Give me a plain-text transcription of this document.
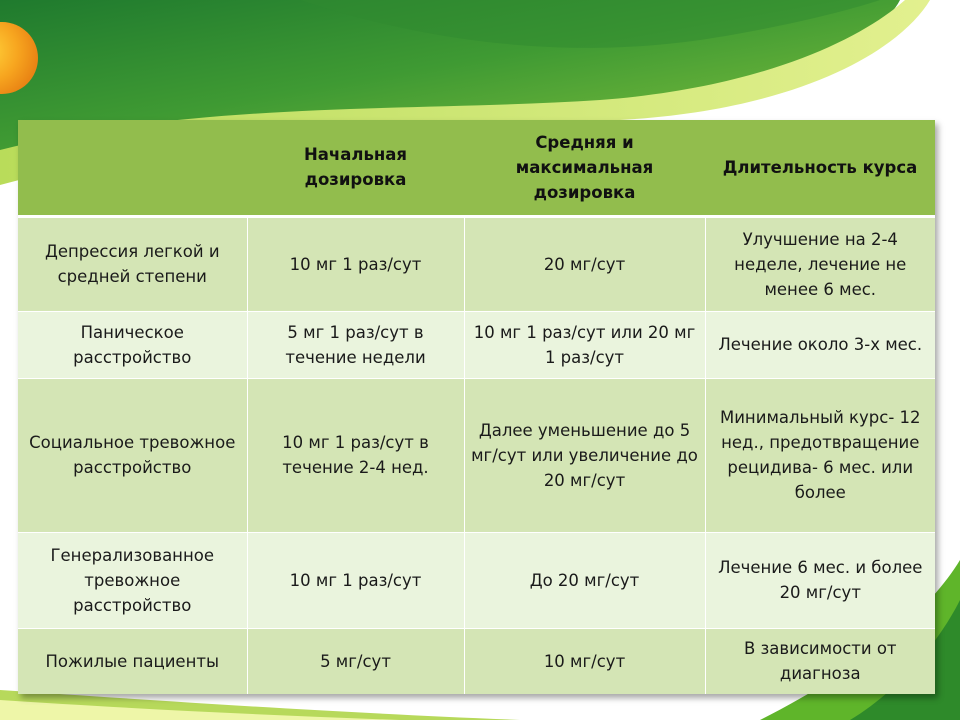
	Начальная дозировка	Средняя и максимальная дозировка	Длительность курса
Депрессия легкой и средней степени	10 мг 1 раз/сут	20 мг/сут	Улучшение на 2-4 неделе, лечение не менее 6 мес.
Паническое расстройство	5 мг 1 раз/сут в течение недели	10 мг 1 раз/сут или 20 мг 1 раз/сут	Лечение около 3-х мес.
Социальное тревожное расстройство	10 мг 1 раз/сут в течение 2-4 нед.	Далее уменьшение до 5 мг/сут или увеличение до 20 мг/сут	Минимальный курс- 12 нед., предотвращение рецидива- 6 мес. или более
Генерализованное тревожное расстройство	10 мг 1 раз/сут	До 20 мг/сут	Лечение 6 мес. и более 20 мг/сут
Пожилые пациенты	5 мг/сут	10 мг/сут	В зависимости от диагноза
